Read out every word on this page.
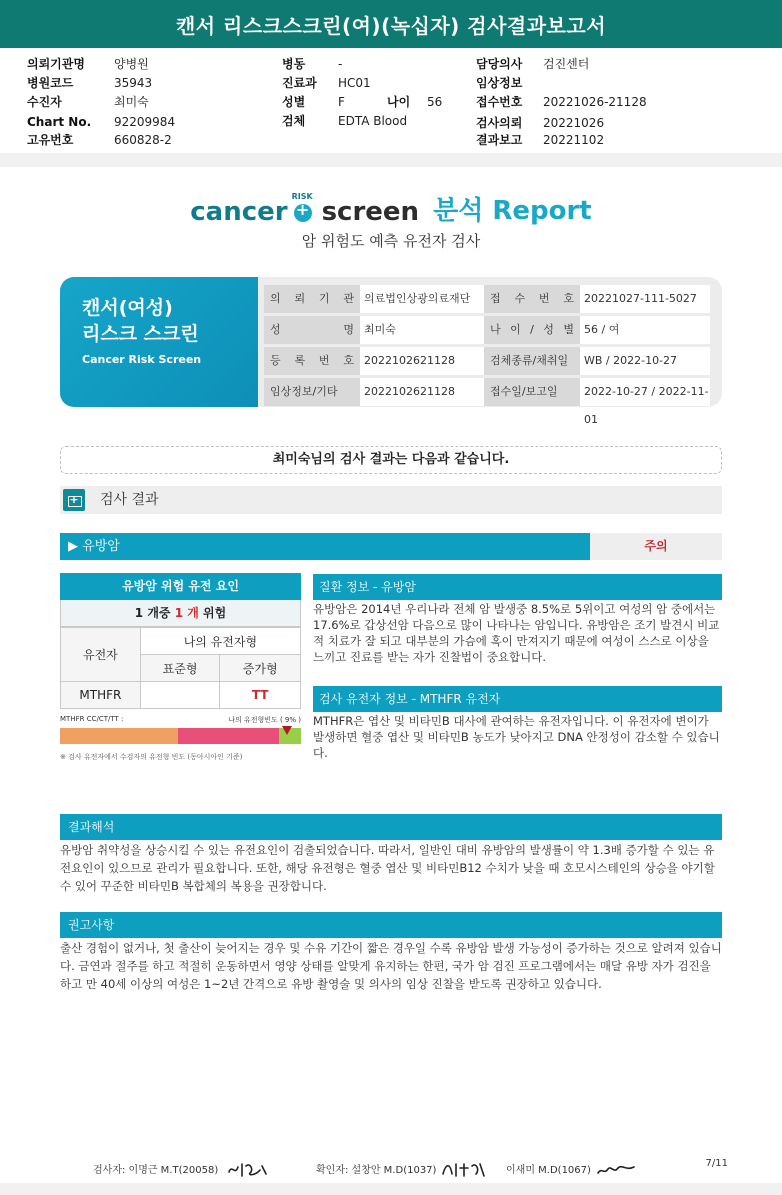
캔서 리스크스크린(여)(녹십자) 검사결과보고서
의뢰기관명 양병원
병원코드	35943
수진자	최미숙
Chart No. 92209984
고유번호	660828-2
병동	-
진료과 HC01
성별	F	나이 56
검체	EDTA Blood
담당의사 검진센터
임상정보
접수번호 20221026-21128
검사의뢰 20221026
결과보고 20221102
cancer
RISK
+
screen 분석 Report
암 위험도 예측 유전자 검사
캔서(여성)
리스크 스크린
Cancer Risk Screen
의 뢰 기 관 의료법인상광의료재단	접 수 번 호 20221027-111-5027
성 명 최미숙	나 이 / 성 별 56 / 여
등 록 번 호 2022102621128	검체종류/채취일	WB / 2022-10-27
임상정보/기타	2022102621128	접수일/보고일	2022-10-27 / 2022-11-01
최미숙님의 검사 결과는 다음과 같습니다.
+
검사 결과
▶ 유방암	주의
유방암 위험 유전 요인
1 개중 1 개 위험
유전자	나의 유전자형	
	표준형	증가형
MTHFR		TT
MTHFR CC/CT/TT :	나의 유전형빈도 ( 9% )
※ 검사 유전자에서 수검자의 유전형 빈도 (동아시아인 기준)
질환 정보 - 유방암
유방암은 2014년 우리나라 전체 암 발생중 8.5%로 5위이고 여성의 암 중에서는 17.6%로 갑상선암 다음으로 많이 나타나는 암입니다. 유방암은 조기 발견시 비교적 치료가 잘 되고 대부분의 가슴에 혹이 만져지기 때문에 여성이 스스로 이상을 느끼고 진료를 받는 자가 진찰법이 중요합니다.
검사 유전자 정보 - MTHFR 유전자
MTHFR은 엽산 및 비타민B 대사에 관여하는 유전자입니다. 이 유전자에 변이가 발생하면 혈중 엽산 및 비타민B 농도가 낮아지고 DNA 안정성이 감소할 수 있습니다.
결과해석
유방암 취약성을 상승시킬 수 있는 유전요인이 검출되었습니다. 따라서, 일반인 대비 유방암의 발생률이 약 1.3배 증가할 수 있는 유전요인이 있으므로 관리가 필요합니다. 또한, 해당 유전형은 혈중 엽산 및 비타민B12 수치가 낮을 때 호모시스테인의 상승을 야기할 수 있어 꾸준한 비타민B 복합체의 복용을 권장합니다.
권고사항
출산 경험이 없거나, 첫 출산이 늦어지는 경우 및 수유 기간이 짧은 경우일 수록 유방암 발생 가능성이 증가하는 것으로 알려져 있습니다. 금연과 절주를 하고 적절히 운동하면서 영양 상태를 알맞게 유지하는 한편, 국가 암 검진 프로그램에서는 매달 유방 자가 검진을 하고 만 40세 이상의 여성은 1~2년 간격으로 유방 촬영술 및 의사의 임상 진찰을 받도록 권장하고 있습니다.
검사자: 이명근 M.T(20058)	확인자: 설창안 M.D(1037)	이새미 M.D(1067)
7/11
